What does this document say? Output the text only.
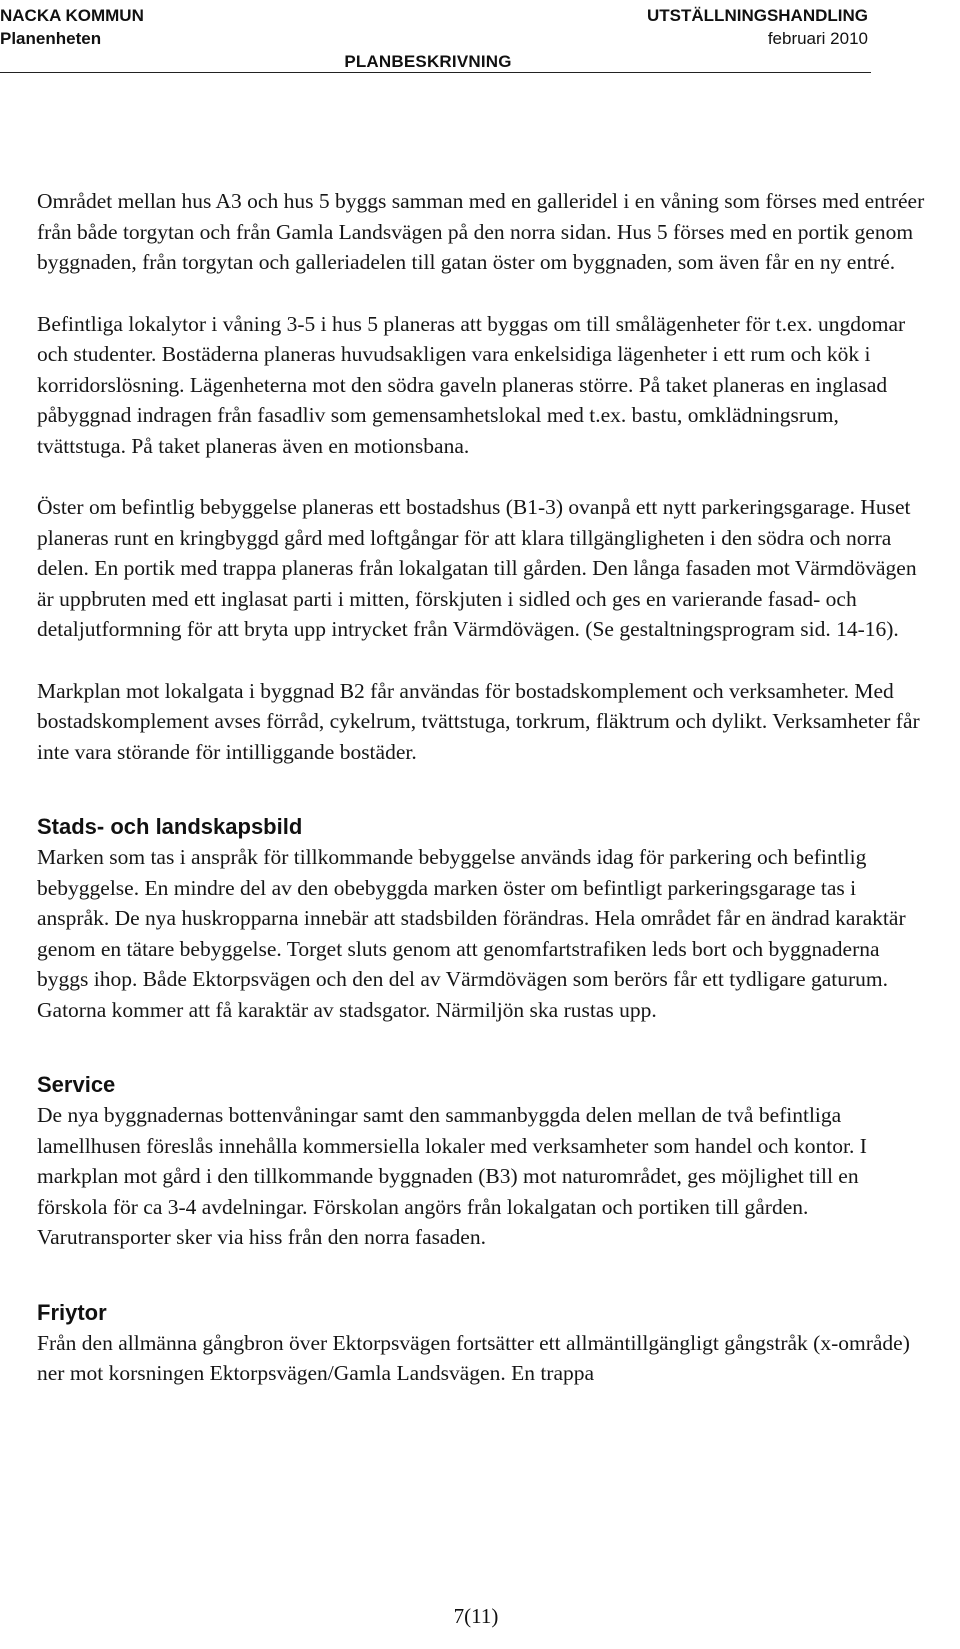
NACKA KOMMUN
Planenheten
UTSTÄLLNINGSHANDLING
februari 2010
PLANBESKRIVNING

Området mellan hus A3 och hus 5 byggs samman med en galleridel i en våning som förses med entréer från både torgytan och från Gamla Landsvägen på den norra sidan. Hus 5 förses med en portik genom byggnaden, från torgytan och galleriadelen till gatan öster om byggnaden, som även får en ny entré.

Befintliga lokalytor i våning 3-5 i hus 5 planeras att byggas om till smålägenheter för t.ex. ungdomar och studenter. Bostäderna planeras huvudsakligen vara enkelsidiga lägenheter i ett rum och kök i korridorslösning. Lägenheterna mot den södra gaveln planeras större. På taket planeras en inglasad påbyggnad indragen från fasadliv som gemensamhetslokal med t.ex. bastu, omklädningsrum, tvättstuga. På taket planeras även en motionsbana.

Öster om befintlig bebyggelse planeras ett bostadshus (B1-3) ovanpå ett nytt parkeringsgarage. Huset planeras runt en kringbyggd gård med loftgångar för att klara tillgängligheten i den södra och norra delen. En portik med trappa planeras från lokalgatan till gården. Den långa fasaden mot Värmdövägen är uppbruten med ett inglasat parti i mitten, förskjuten i sidled och ges en varierande fasad- och detaljutformning för att bryta upp intrycket från Värmdövägen. (Se gestaltningsprogram sid. 14-16).

Markplan mot lokalgata i byggnad B2 får användas för bostadskomplement och verksamheter. Med bostadskomplement avses förråd, cykelrum, tvättstuga, torkrum, fläktrum och dylikt. Verksamheter får inte vara störande för intilliggande bostäder.

Stads- och landskapsbild

Marken som tas i anspråk för tillkommande bebyggelse används idag för parkering och befintlig bebyggelse. En mindre del av den obebyggda marken öster om befintligt parkeringsgarage tas i anspråk. De nya huskropparna innebär att stadsbilden förändras. Hela området får en ändrad karaktär genom en tätare bebyggelse. Torget sluts genom att genomfartstrafiken leds bort och byggnaderna byggs ihop. Både Ektorpsvägen och den del av Värmdövägen som berörs får ett tydligare gaturum. Gatorna kommer att få karaktär av stadsgator. Närmiljön ska rustas upp.

Service

De nya byggnadernas bottenvåningar samt den sammanbyggda delen mellan de två befintliga lamellhusen föreslås innehålla kommersiella lokaler med verksamheter som handel och kontor. I markplan mot gård i den tillkommande byggnaden (B3) mot naturområdet, ges möjlighet till en förskola för ca 3-4 avdelningar. Förskolan angörs från lokalgatan och portiken till gården. Varutransporter sker via hiss från den norra fasaden.

Friytor

Från den allmänna gångbron över Ektorpsvägen fortsätter ett allmäntillgängligt gångstråk (x-område) ner mot korsningen Ektorpsvägen/Gamla Landsvägen. En trappa

7(11)
